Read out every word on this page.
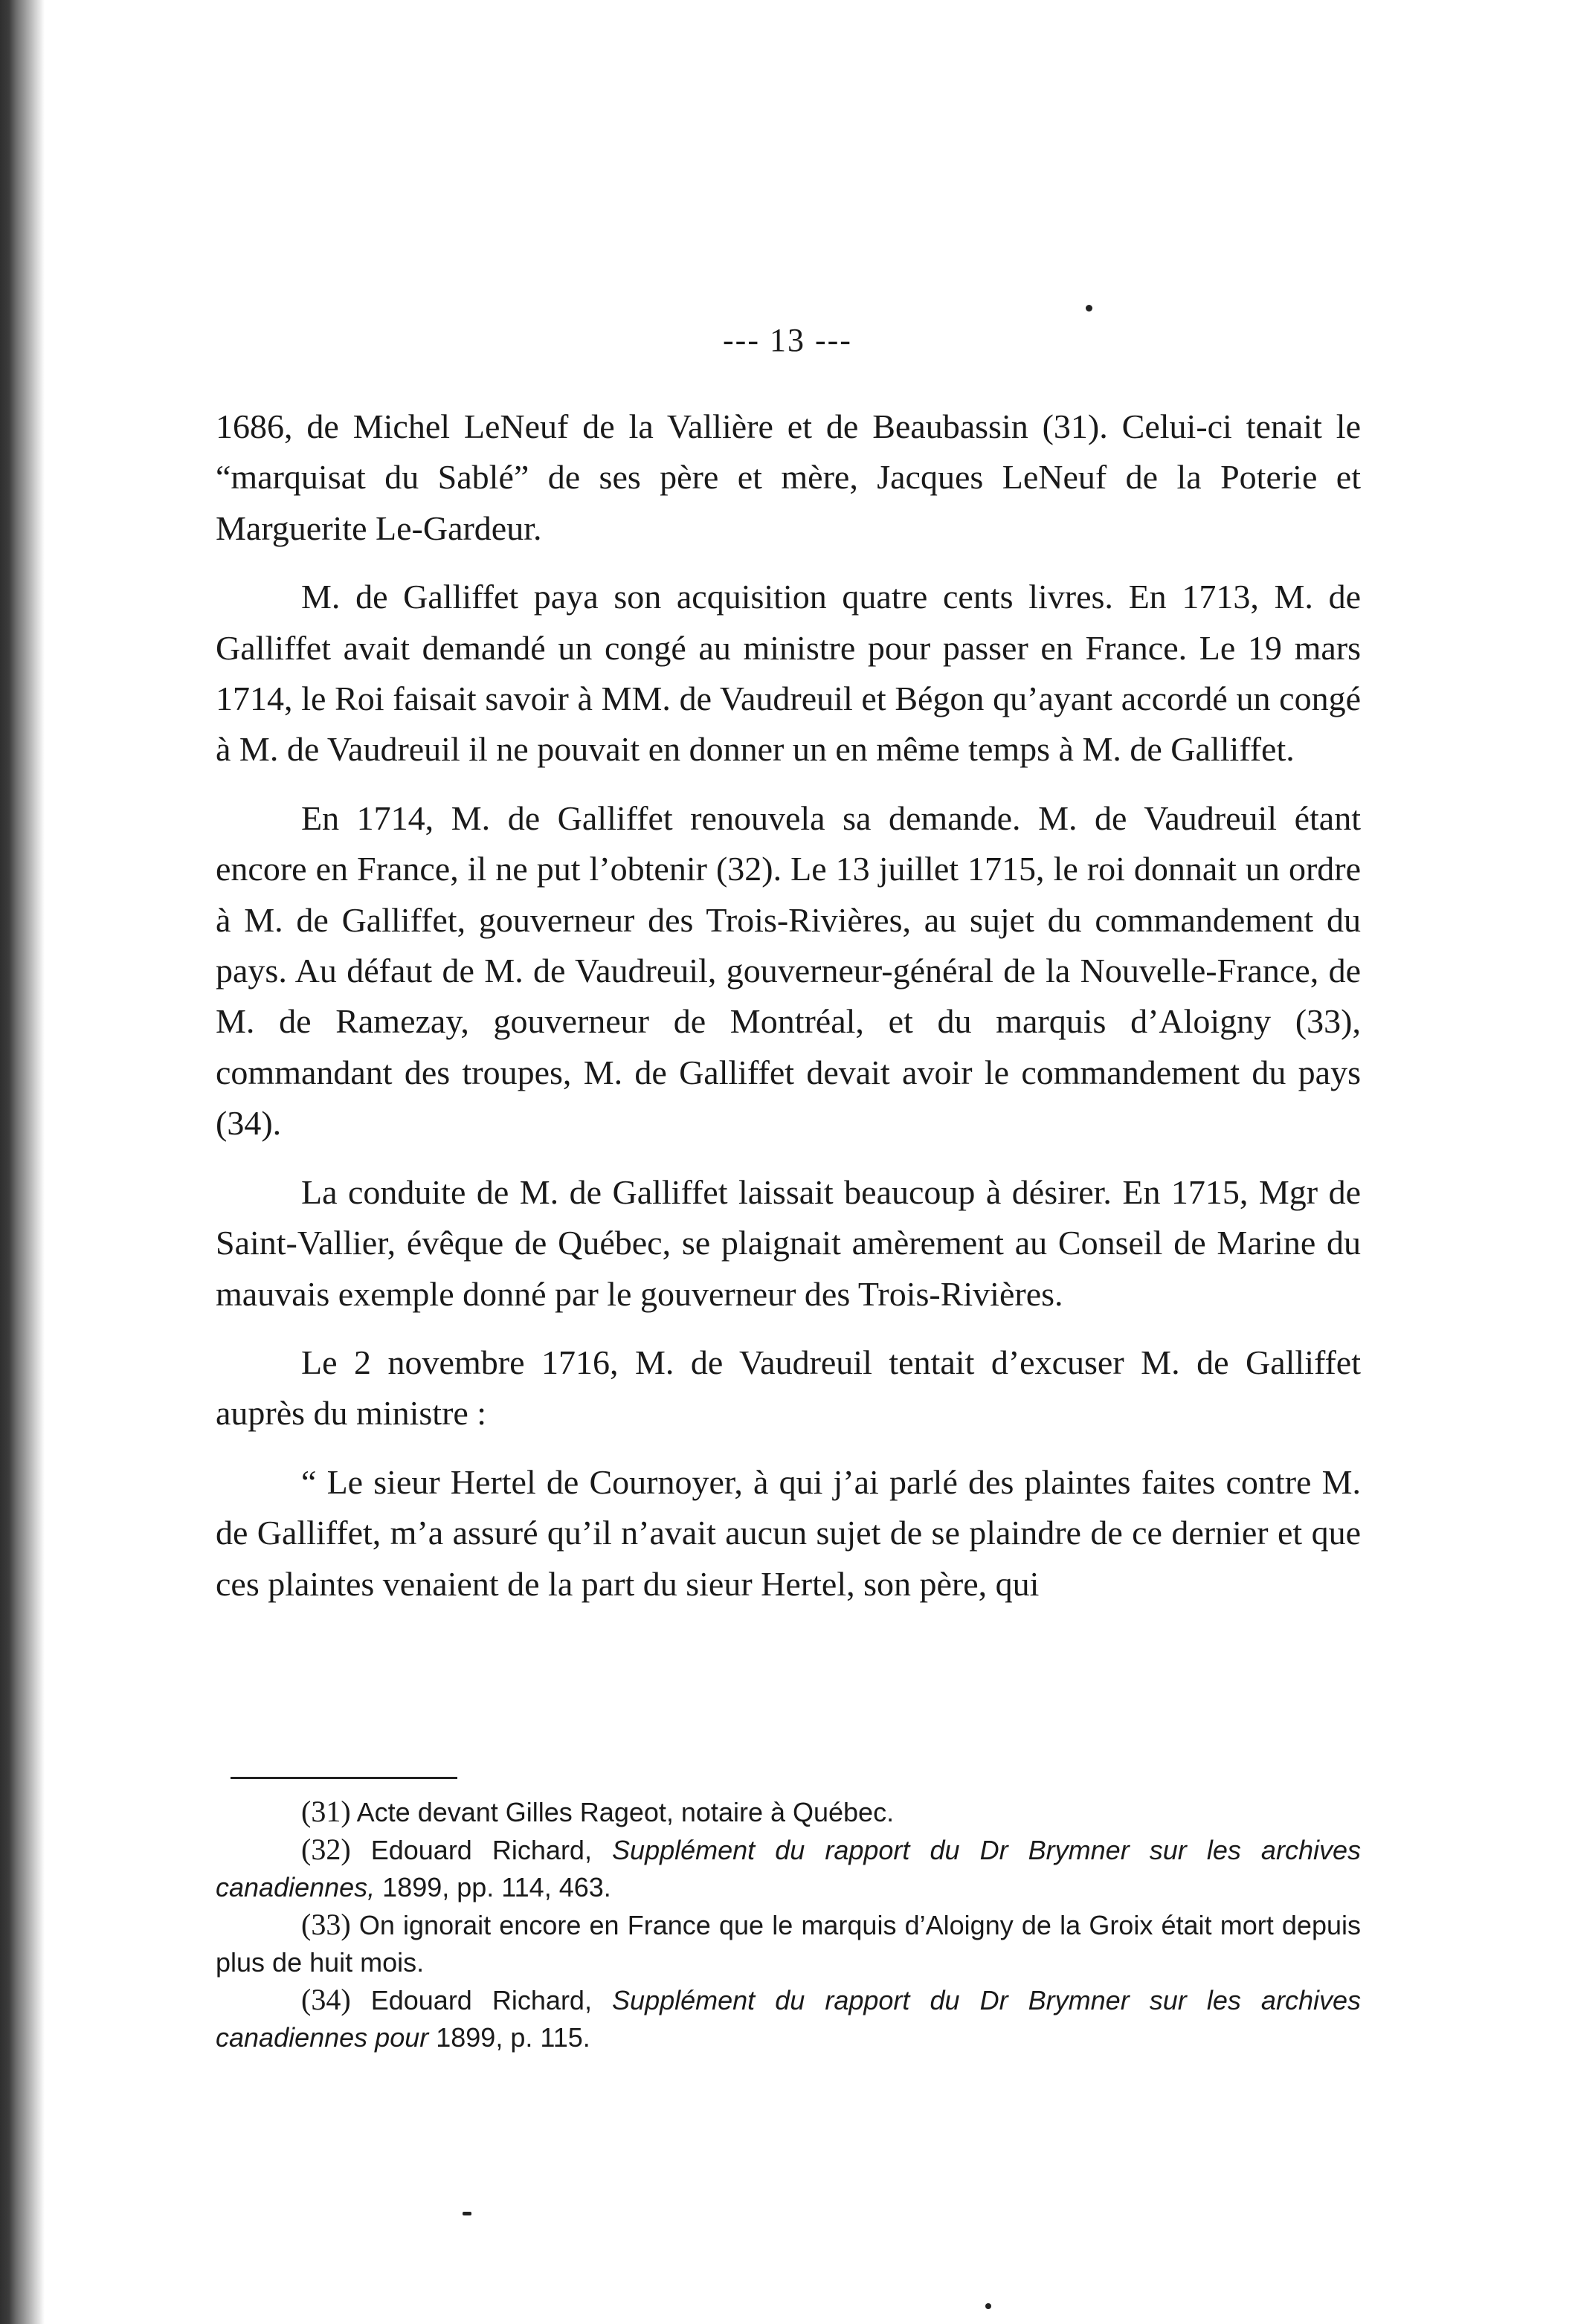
--- 13 ---

1686, de Michel LeNeuf de la Vallière et de Beaubassin (31). Celui-ci tenait le “marquisat du Sablé” de ses père et mère, Jacques LeNeuf de la Poterie et Marguerite Le-Gardeur.

M. de Galliffet paya son acquisition quatre cents livres. En 1713, M. de Galliffet avait demandé un congé au ministre pour passer en France. Le 19 mars 1714, le Roi faisait savoir à MM. de Vaudreuil et Bégon qu’ayant accordé un congé à M. de Vaudreuil il ne pouvait en donner un en même temps à M. de Galliffet.

En 1714, M. de Galliffet renouvela sa demande. M. de Vaudreuil étant encore en France, il ne put l’obtenir (32). Le 13 juillet 1715, le roi donnait un ordre à M. de Galliffet, gouverneur des Trois-Rivières, au sujet du commandement du pays. Au défaut de M. de Vaudreuil, gouverneur-général de la Nouvelle-France, de M. de Ramezay, gouverneur de Montréal, et du marquis d’Aloigny (33), commandant des troupes, M. de Galliffet devait avoir le commandement du pays (34).

La conduite de M. de Galliffet laissait beaucoup à désirer. En 1715, Mgr de Saint-Vallier, évêque de Québec, se plaignait amèrement au Conseil de Marine du mauvais exemple donné par le gouverneur des Trois-Rivières.

Le 2 novembre 1716, M. de Vaudreuil tentait d’excuser M. de Galliffet auprès du ministre :

“ Le sieur Hertel de Cournoyer, à qui j’ai parlé des plaintes faites contre M. de Galliffet, m’a assuré qu’il n’avait aucun sujet de se plaindre de ce dernier et que ces plaintes venaient de la part du sieur Hertel, son père, qui

(31) Acte devant Gilles Rageot, notaire à Québec.

(32) Edouard Richard, Supplément du rapport du Dr Brymner sur les archives canadiennes, 1899, pp. 114, 463.

(33) On ignorait encore en France que le marquis d’Aloigny de la Groix était mort depuis plus de huit mois.

(34) Edouard Richard, Supplément du rapport du Dr Brymner sur les archives canadiennes pour 1899, p. 115.
